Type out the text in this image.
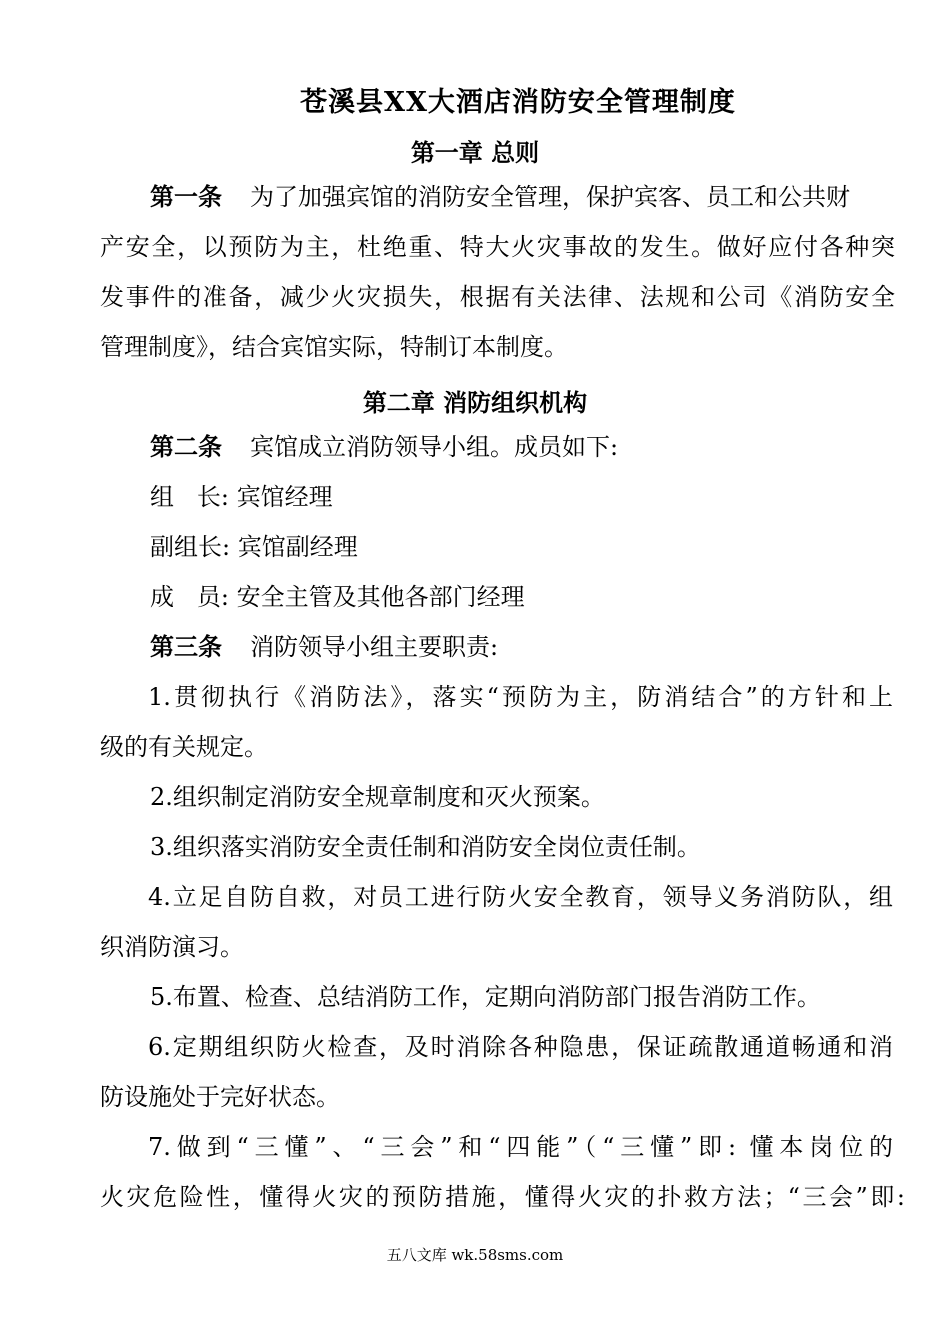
苍溪县XX大酒店消防安全管理制度
第一章 总则
第一条 为了加强宾馆的消防安全管理，保护宾客、员工和公共财
产安全，以预防为主，杜绝重、特大火灾事故的发生。做好应付各种突
发事件的准备，减少火灾损失，根据有关法律、法规和公司《消防安全
管理制度》，结合宾馆实际，特制订本制度。
第二章 消防组织机构
第二条 宾馆成立消防领导小组。成员如下:
组   长: 宾馆经理
副组长: 宾馆副经理
成   员: 安全主管及其他各部门经理
第三条 消防领导小组主要职责:
1.贯彻执行《消防法》，落实“预防为主，防消结合”的方针和上
级的有关规定。
2.组织制定消防安全规章制度和灭火预案。
3.组织落实消防安全责任制和消防安全岗位责任制。
4.立足自防自救，对员工进行防火安全教育，领导义务消防队，组
织消防演习。
5.布置、检查、总结消防工作，定期向消防部门报告消防工作。
6.定期组织防火检查，及时消除各种隐患，保证疏散通道畅通和消
防设施处于完好状态。
7.做到“三懂”、“三会”和“四能”（“三懂”即: 懂本岗位的
火灾危险性，懂得火灾的预防措施，懂得火灾的扑救方法；“三会”即:
五八文库 wk.58sms.com
